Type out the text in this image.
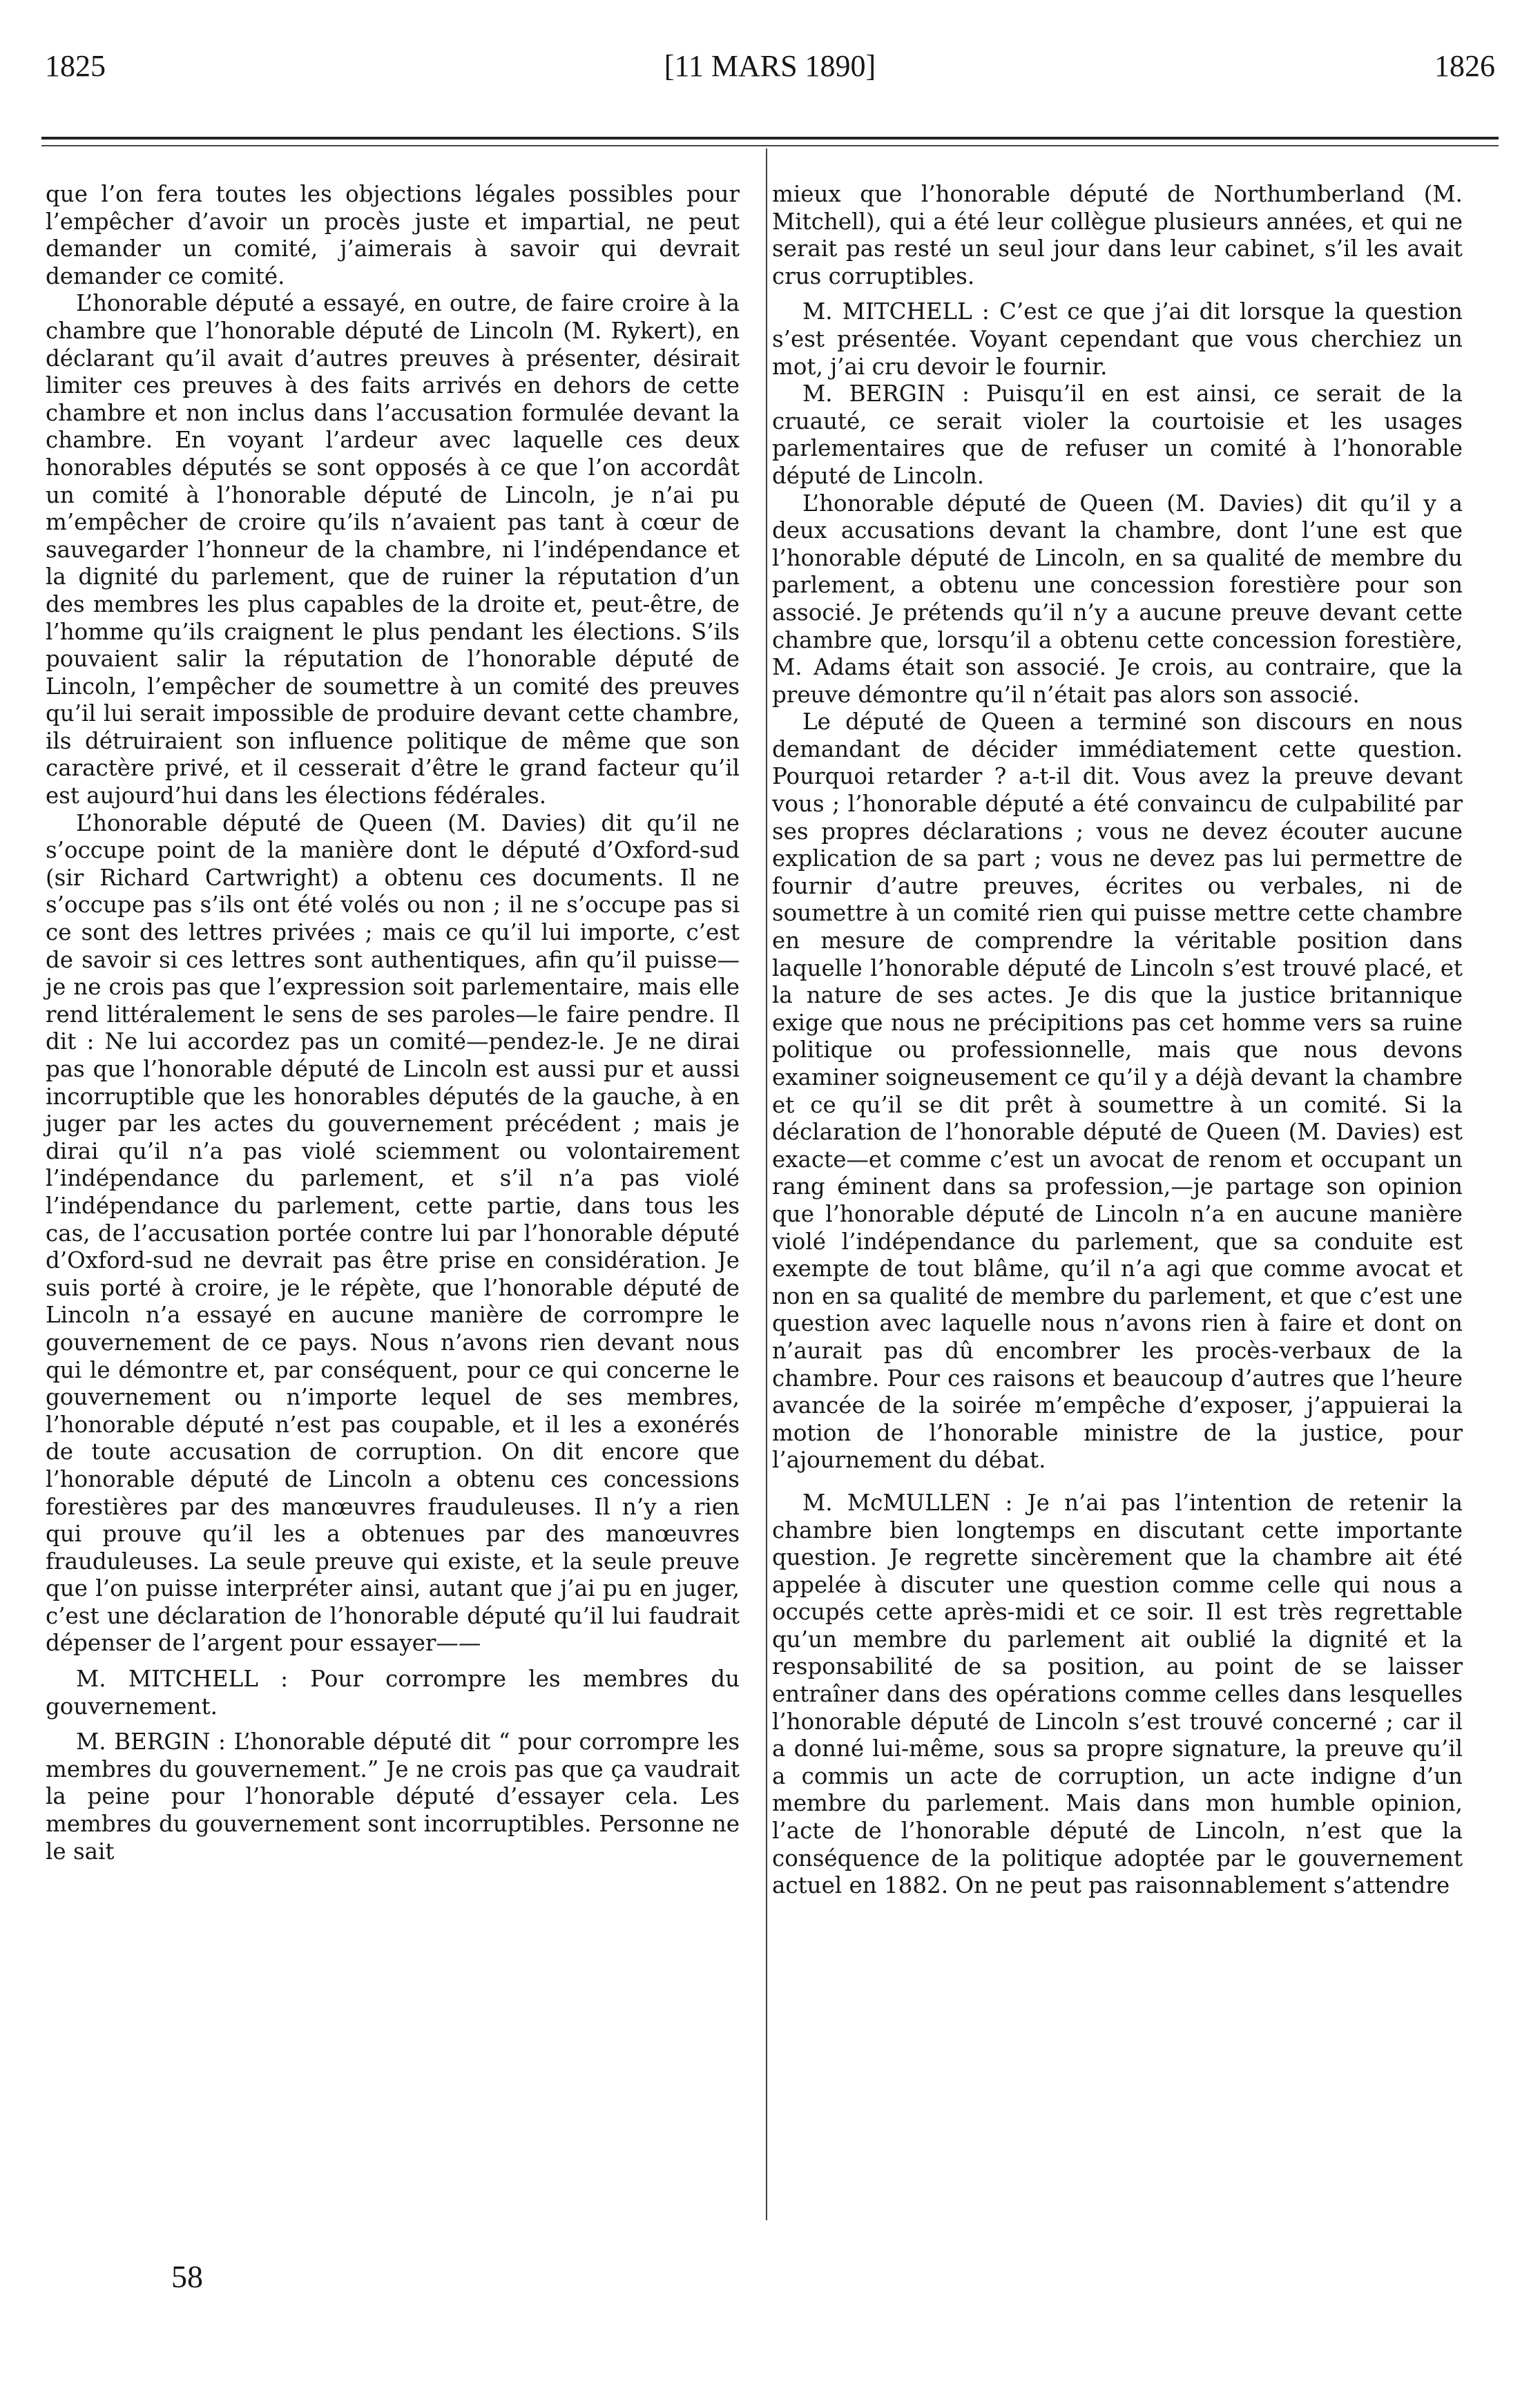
1825	[11 MARS 1890]	1826

que l’on fera toutes les objections légales possibles pour l’empêcher d’avoir un procès juste et impartial, ne peut demander un comité, j’aimerais à savoir qui devrait demander ce comité.

L’honorable député a essayé, en outre, de faire croire à la chambre que l’honorable député de Lincoln (M. Rykert), en déclarant qu’il avait d’autres preuves à présenter, désirait limiter ces preuves à des faits arrivés en dehors de cette chambre et non inclus dans l’accusation formulée devant la chambre. En voyant l’ardeur avec laquelle ces deux honorables députés se sont opposés à ce que l’on accordât un comité à l’honorable député de Lincoln, je n’ai pu m’empêcher de croire qu’ils n’avaient pas tant à cœur de sauvegarder l’honneur de la chambre, ni l’indépendance et la dignité du parlement, que de ruiner la réputation d’un des membres les plus capables de la droite et, peut-être, de l’homme qu’ils craignent le plus pendant les élections. S’ils pouvaient salir la réputation de l’honorable député de Lincoln, l’empêcher de soumettre à un comité des preuves qu’il lui serait impossible de produire devant cette chambre, ils détruiraient son influence politique de même que son caractère privé, et il cesserait d’être le grand facteur qu’il est aujourd’hui dans les élections fédérales.

L’honorable député de Queen (M. Davies) dit qu’il ne s’occupe point de la manière dont le député d’Oxford-sud (sir Richard Cartwright) a obtenu ces documents. Il ne s’occupe pas s’ils ont été volés ou non ; il ne s’occupe pas si ce sont des lettres privées ; mais ce qu’il lui importe, c’est de savoir si ces lettres sont authentiques, afin qu’il puisse—je ne crois pas que l’expression soit parlementaire, mais elle rend littéralement le sens de ses paroles—le faire pendre. Il dit : Ne lui accordez pas un comité—pendez-le. Je ne dirai pas que l’honorable député de Lincoln est aussi pur et aussi incorruptible que les honorables députés de la gauche, à en juger par les actes du gouvernement précédent ; mais je dirai qu’il n’a pas violé sciemment ou volontairement l’indépendance du parlement, et s’il n’a pas violé l’indépendance du parlement, cette partie, dans tous les cas, de l’accusation portée contre lui par l’honorable député d’Oxford-sud ne devrait pas être prise en considération. Je suis porté à croire, je le répète, que l’honorable député de Lincoln n’a essayé en aucune manière de corrompre le gouvernement de ce pays. Nous n’avons rien devant nous qui le démontre et, par conséquent, pour ce qui concerne le gouvernement ou n’importe lequel de ses membres, l’honorable député n’est pas coupable, et il les a exonérés de toute accusation de corruption. On dit encore que l’honorable député de Lincoln a obtenu ces concessions forestières par des manœuvres frauduleuses. Il n’y a rien qui prouve qu’il les a obtenues par des manœuvres frauduleuses. La seule preuve qui existe, et la seule preuve que l’on puisse interpréter ainsi, autant que j’ai pu en juger, c’est une déclaration de l’honorable député qu’il lui faudrait dépenser de l’argent pour essayer——

M. MITCHELL : Pour corrompre les membres du gouvernement.

M. BERGIN : L’honorable député dit “ pour corrompre les membres du gouvernement.” Je ne crois pas que ça vaudrait la peine pour l’honorable député d’essayer cela. Les membres du gouvernement sont incorruptibles. Personne ne le sait

mieux que l’honorable député de Northumberland (M. Mitchell), qui a été leur collègue plusieurs années, et qui ne serait pas resté un seul jour dans leur cabinet, s’il les avait crus corruptibles.

M. MITCHELL : C’est ce que j’ai dit lorsque la question s’est présentée. Voyant cependant que vous cherchiez un mot, j’ai cru devoir le fournir.

M. BERGIN : Puisqu’il en est ainsi, ce serait de la cruauté, ce serait violer la courtoisie et les usages parlementaires que de refuser un comité à l’honorable député de Lincoln.

L’honorable député de Queen (M. Davies) dit qu’il y a deux accusations devant la chambre, dont l’une est que l’honorable député de Lincoln, en sa qualité de membre du parlement, a obtenu une concession forestière pour son associé. Je prétends qu’il n’y a aucune preuve devant cette chambre que, lorsqu’il a obtenu cette concession forestière, M. Adams était son associé. Je crois, au contraire, que la preuve démontre qu’il n’était pas alors son associé.

Le député de Queen a terminé son discours en nous demandant de décider immédiatement cette question. Pourquoi retarder ? a-t-il dit. Vous avez la preuve devant vous ; l’honorable député a été convaincu de culpabilité par ses propres déclarations ; vous ne devez écouter aucune explication de sa part ; vous ne devez pas lui permettre de fournir d’autre preuves, écrites ou verbales, ni de soumettre à un comité rien qui puisse mettre cette chambre en mesure de comprendre la véritable position dans laquelle l’honorable député de Lincoln s’est trouvé placé, et la nature de ses actes. Je dis que la justice britannique exige que nous ne précipitions pas cet homme vers sa ruine politique ou professionnelle, mais que nous devons examiner soigneusement ce qu’il y a déjà devant la chambre et ce qu’il se dit prêt à soumettre à un comité. Si la déclaration de l’honorable député de Queen (M. Davies) est exacte—et comme c’est un avocat de renom et occupant un rang éminent dans sa profession,—je partage son opinion que l’honorable député de Lincoln n’a en aucune manière violé l’indépendance du parlement, que sa conduite est exempte de tout blâme, qu’il n’a agi que comme avocat et non en sa qualité de membre du parlement, et que c’est une question avec laquelle nous n’avons rien à faire et dont on n’aurait pas dû encombrer les procès-verbaux de la chambre. Pour ces raisons et beaucoup d’autres que l’heure avancée de la soirée m’empêche d’exposer, j’appuierai la motion de l’honorable ministre de la justice, pour l’ajournement du débat.

M. McMULLEN : Je n’ai pas l’intention de retenir la chambre bien longtemps en discutant cette importante question. Je regrette sincèrement que la chambre ait été appelée à discuter une question comme celle qui nous a occupés cette après-midi et ce soir. Il est très regrettable qu’un membre du parlement ait oublié la dignité et la responsabilité de sa position, au point de se laisser entraîner dans des opérations comme celles dans lesquelles l’honorable député de Lincoln s’est trouvé concerné ; car il a donné lui-même, sous sa propre signature, la preuve qu’il a commis un acte de corruption, un acte indigne d’un membre du parlement. Mais dans mon humble opinion, l’acte de l’honorable député de Lincoln, n’est que la conséquence de la politique adoptée par le gouvernement actuel en 1882. On ne peut pas raisonnablement s’attendre

58
